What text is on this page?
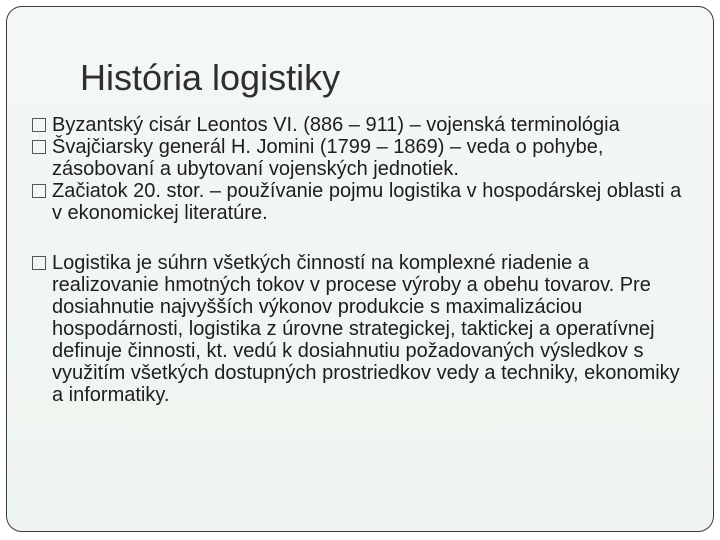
História logistiky
Byzantský cisár Leontos VI. (886 – 911) – vojenská terminológia
Švajčiarsky generál H. Jomini (1799 – 1869) – veda o pohybe, zásobovaní a ubytovaní vojenských jednotiek.
Začiatok 20. stor. – používanie pojmu logistika v hospodárskej oblasti a v ekonomickej literatúre.
Logistika je súhrn všetkých činností na komplexné riadenie a realizovanie hmotných tokov v procese výroby a obehu tovarov. Pre dosiahnutie najvyšších výkonov produkcie s maximalizáciou hospodárnosti, logistika z úrovne strategickej, taktickej a operatívnej definuje činnosti, kt. vedú k dosiahnutiu požadovaných výsledkov s využitím všetkých dostupných prostriedkov vedy a techniky, ekonomiky a informatiky.
